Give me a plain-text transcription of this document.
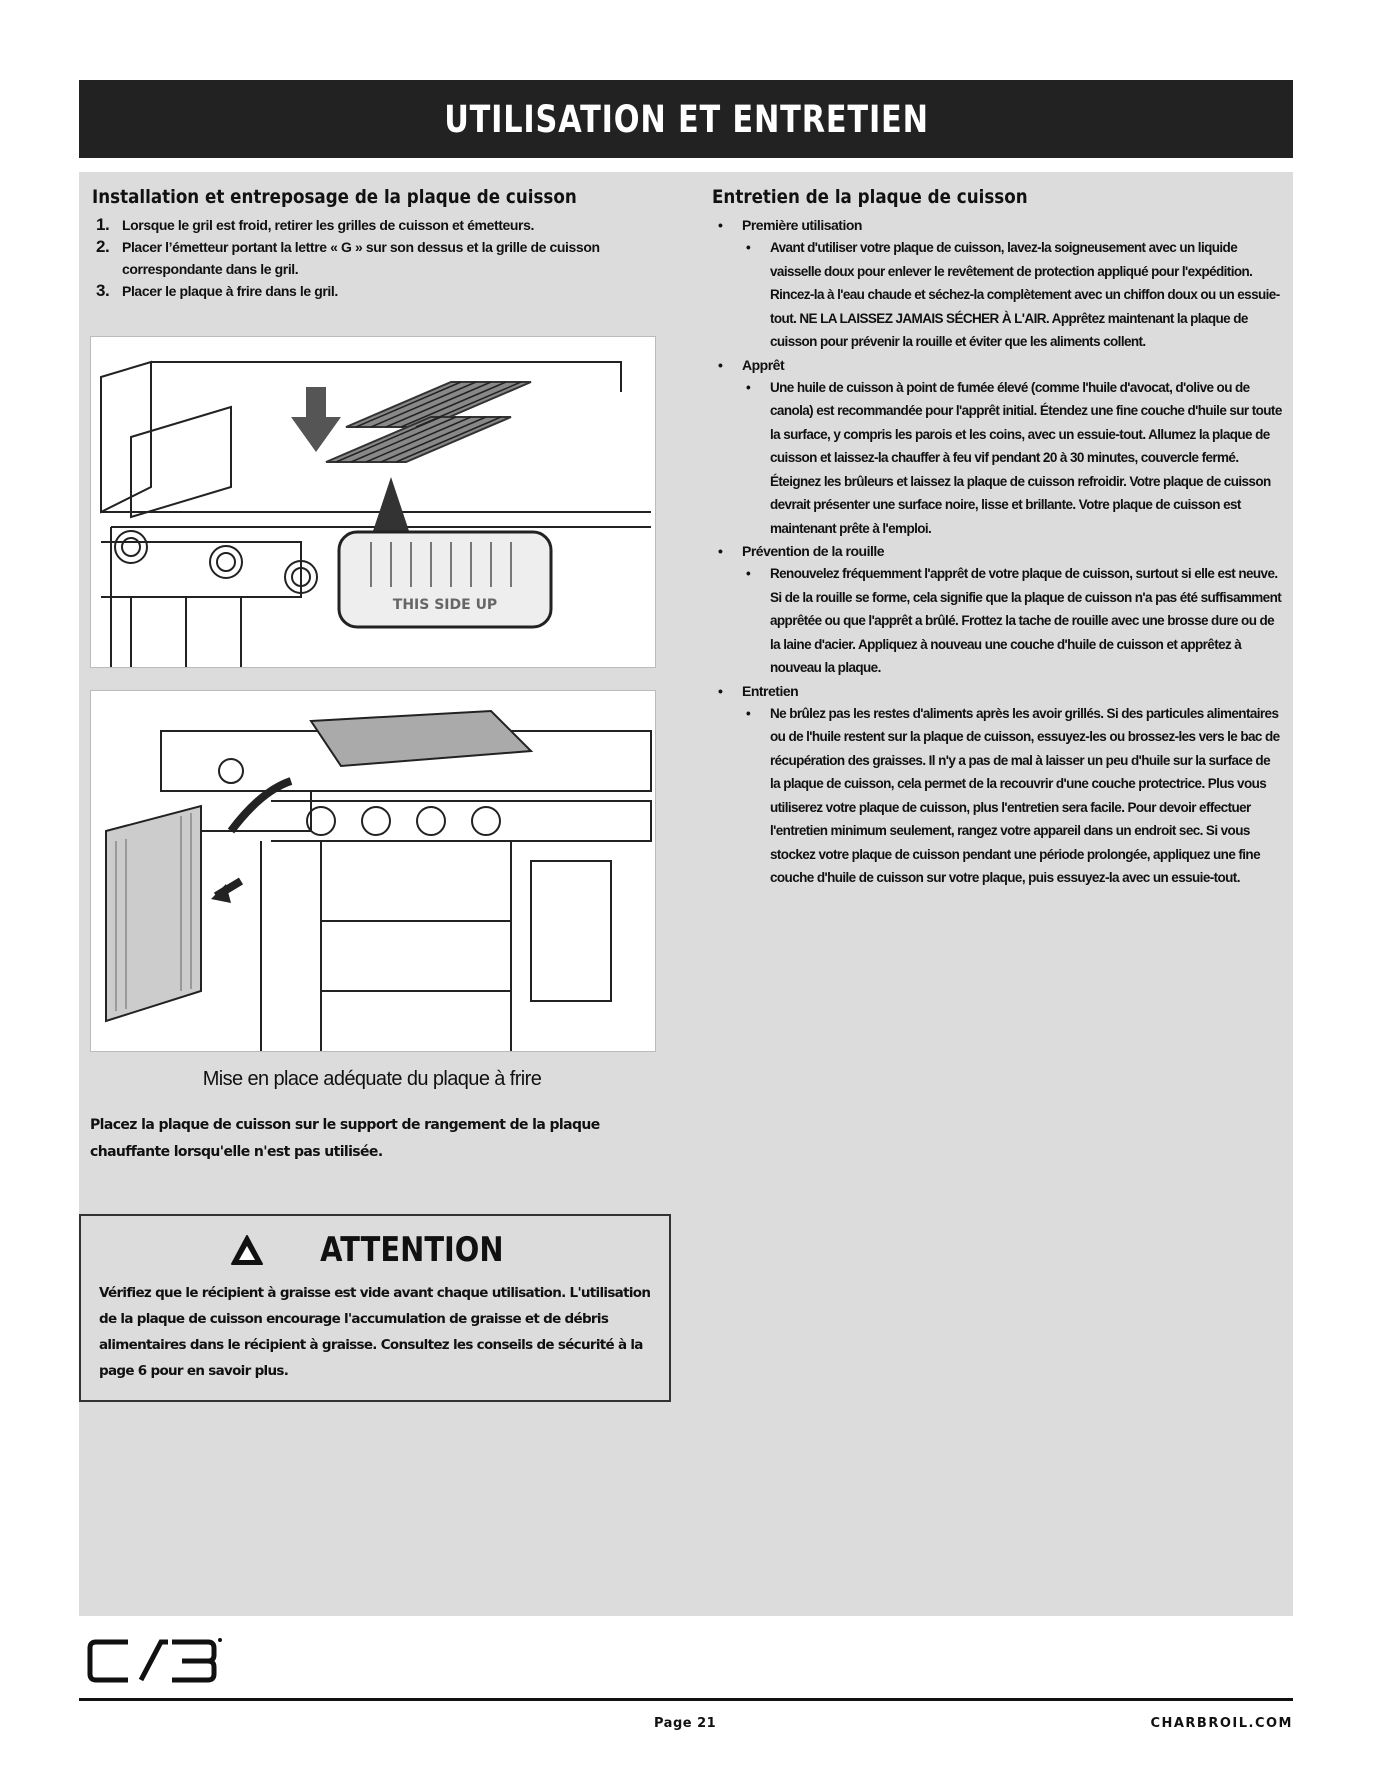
UTILISATION ET ENTRETIEN
Installation et entreposage de la plaque de cuisson
1. Lorsque le gril est froid, retirer les grilles de cuisson et émetteurs.
2. Placer l’émetteur portant la lettre « G » sur son dessus et la grille de cuisson correspondante dans le gril.
3. Placer le plaque à frire dans le gril.
Entretien de la plaque de cuisson
• Première utilisation
• Avant d'utiliser votre plaque de cuisson, lavez-la soigneusement avec un liquide vaisselle doux pour enlever le revêtement de protection appliqué pour l'expédition. Rincez-la à l'eau chaude et séchez-la complètement avec un chiffon doux ou un essuie-tout. NE LA LAISSEZ JAMAIS SÉCHER À L'AIR. Apprêtez maintenant la plaque de cuisson pour prévenir la rouille et éviter que les aliments collent.
• Apprêt
• Une huile de cuisson à point de fumée élevé (comme l'huile d'avocat, d'olive ou de canola) est recommandée pour l'apprêt initial. Étendez une fine couche d'huile sur toute la surface, y compris les parois et les coins, avec un essuie-tout. Allumez la plaque de cuisson et laissez-la chauffer à feu vif pendant 20 à 30 minutes, couvercle fermé. Éteignez les brûleurs et laissez la plaque de cuisson refroidir. Votre plaque de cuisson devrait présenter une surface noire, lisse et brillante. Votre plaque de cuisson est maintenant prête à l'emploi.
• Prévention de la rouille
• Renouvelez fréquemment l'apprêt de votre plaque de cuisson, surtout si elle est neuve. Si de la rouille se forme, cela signifie que la plaque de cuisson n'a pas été suffisamment apprêtée ou que l'apprêt a brûlé. Frottez la tache de rouille avec une brosse dure ou de la laine d'acier. Appliquez à nouveau une couche d'huile de cuisson et apprêtez à nouveau la plaque.
• Entretien
• Ne brûlez pas les restes d'aliments après les avoir grillés. Si des particules alimentaires ou de l'huile restent sur la plaque de cuisson, essuyez-les ou brossez-les vers le bac de récupération des graisses. Il n'y a pas de mal à laisser un peu d'huile sur la surface de la plaque de cuisson, cela permet de la recouvrir d'une couche protectrice. Plus vous utiliserez votre plaque de cuisson, plus l'entretien sera facile. Pour devoir effectuer l'entretien minimum seulement, rangez votre appareil dans un endroit sec. Si vous stockez votre plaque de cuisson pendant une période prolongée, appliquez une fine couche d'huile de cuisson sur votre plaque, puis essuyez-la avec un essuie-tout.
THIS SIDE UP
Mise en place adéquate du plaque à frire
Placez la plaque de cuisson sur le support de rangement de la plaque chauffante lorsqu'elle n'est pas utilisée.
ATTENTION
Vérifiez que le récipient à graisse est vide avant chaque utilisation. L'utilisation de la plaque de cuisson encourage l'accumulation de graisse et de débris alimentaires dans le récipient à graisse. Consultez les conseils de sécurité à la page 6 pour en savoir plus.
Page 21	CHARBROIL.COM
